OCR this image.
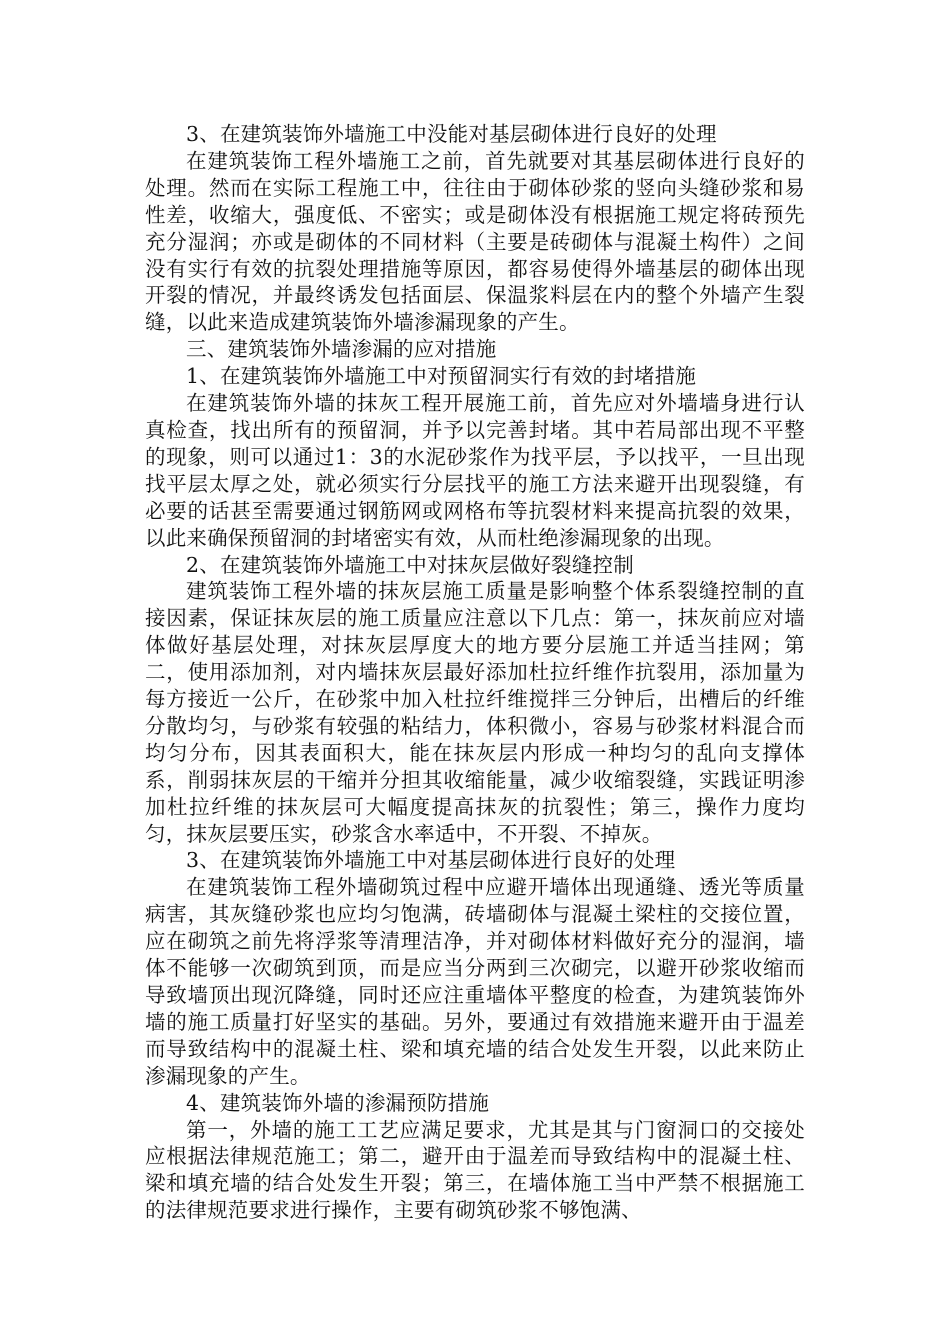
3、在建筑装饰外墙施工中没能对基层砌体进行良好的处理

在建筑装饰工程外墙施工之前，首先就要对其基层砌体进行良好的处理。然而在实际工程施工中，往往由于砌体砂浆的竖向头缝砂浆和易性差，收缩大，强度低、不密实；或是砌体没有根据施工规定将砖预先充分湿润；亦或是砌体的不同材料（主要是砖砌体与混凝土构件）之间没有实行有效的抗裂处理措施等原因，都容易使得外墙基层的砌体出现开裂的情况，并最终诱发包括面层、保温浆料层在内的整个外墙产生裂缝，以此来造成建筑装饰外墙渗漏现象的产生。

三、建筑装饰外墙渗漏的应对措施

1、在建筑装饰外墙施工中对预留洞实行有效的封堵措施

在建筑装饰外墙的抹灰工程开展施工前，首先应对外墙墙身进行认真检查，找出所有的预留洞，并予以完善封堵。其中若局部出现不平整的现象，则可以通过1：3的水泥砂浆作为找平层，予以找平，一旦出现找平层太厚之处，就必须实行分层找平的施工方法来避开出现裂缝，有必要的话甚至需要通过钢筋网或网格布等抗裂材料来提高抗裂的效果，以此来确保预留洞的封堵密实有效，从而杜绝渗漏现象的出现。

2、在建筑装饰外墙施工中对抹灰层做好裂缝控制

建筑装饰工程外墙的抹灰层施工质量是影响整个体系裂缝控制的直接因素，保证抹灰层的施工质量应注意以下几点：第一，抹灰前应对墙体做好基层处理，对抹灰层厚度大的地方要分层施工并适当挂网；第二，使用添加剂，对内墙抹灰层最好添加杜拉纤维作抗裂用，添加量为每方接近一公斤，在砂浆中加入杜拉纤维搅拌三分钟后，出槽后的纤维分散均匀，与砂浆有较强的粘结力，体积微小，容易与砂浆材料混合而均匀分布，因其表面积大，能在抹灰层内形成一种均匀的乱向支撑体系，削弱抹灰层的干缩并分担其收缩能量，减少收缩裂缝，实践证明渗加杜拉纤维的抹灰层可大幅度提高抹灰的抗裂性；第三，操作力度均匀，抹灰层要压实，砂浆含水率适中，不开裂、不掉灰。

3、在建筑装饰外墙施工中对基层砌体进行良好的处理

在建筑装饰工程外墙砌筑过程中应避开墙体出现通缝、透光等质量病害，其灰缝砂浆也应均匀饱满，砖墙砌体与混凝土梁柱的交接位置，应在砌筑之前先将浮浆等清理洁净，并对砌体材料做好充分的湿润，墙体不能够一次砌筑到顶，而是应当分两到三次砌完，以避开砂浆收缩而导致墙顶出现沉降缝，同时还应注重墙体平整度的检查，为建筑装饰外墙的施工质量打好坚实的基础。另外，要通过有效措施来避开由于温差而导致结构中的混凝土柱、梁和填充墙的结合处发生开裂，以此来防止渗漏现象的产生。

4、建筑装饰外墙的渗漏预防措施

第一，外墙的施工工艺应满足要求，尤其是其与门窗洞口的交接处应根据法律规范施工；第二，避开由于温差而导致结构中的混凝土柱、梁和填充墙的结合处发生开裂；第三，在墙体施工当中严禁不根据施工的法律规范要求进行操作，主要有砌筑砂浆不够饱满、
